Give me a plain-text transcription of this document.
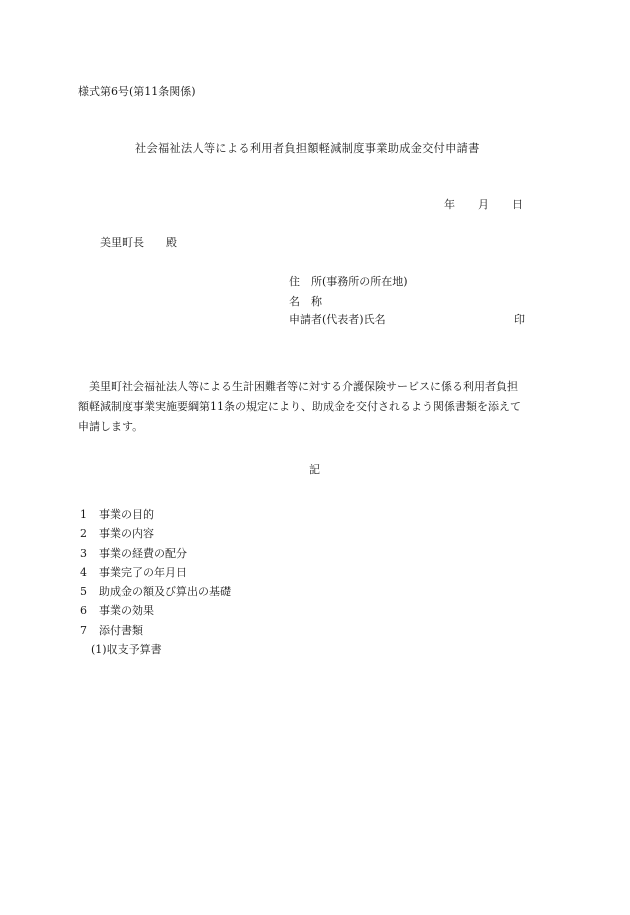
様式第6号(第11条関係)
社会福祉法人等による利用者負担額軽減制度事業助成金交付申請書
年 月 日
美里町長 殿
住　所(事務所の所在地)
名　称
申請者(代表者)氏名	印
美里町社会福祉法人等による生計困難者等に対する介護保険サービスに係る利用者負担
額軽減制度事業実施要綱第11条の規定により、助成金を交付されるよう関係書類を添えて
申請します。
記
1 事業の目的
2 事業の内容
3 事業の経費の配分
4 事業完了の年月日
5 助成金の額及び算出の基礎
6 事業の効果
7 添付書類
(1)収支予算書
